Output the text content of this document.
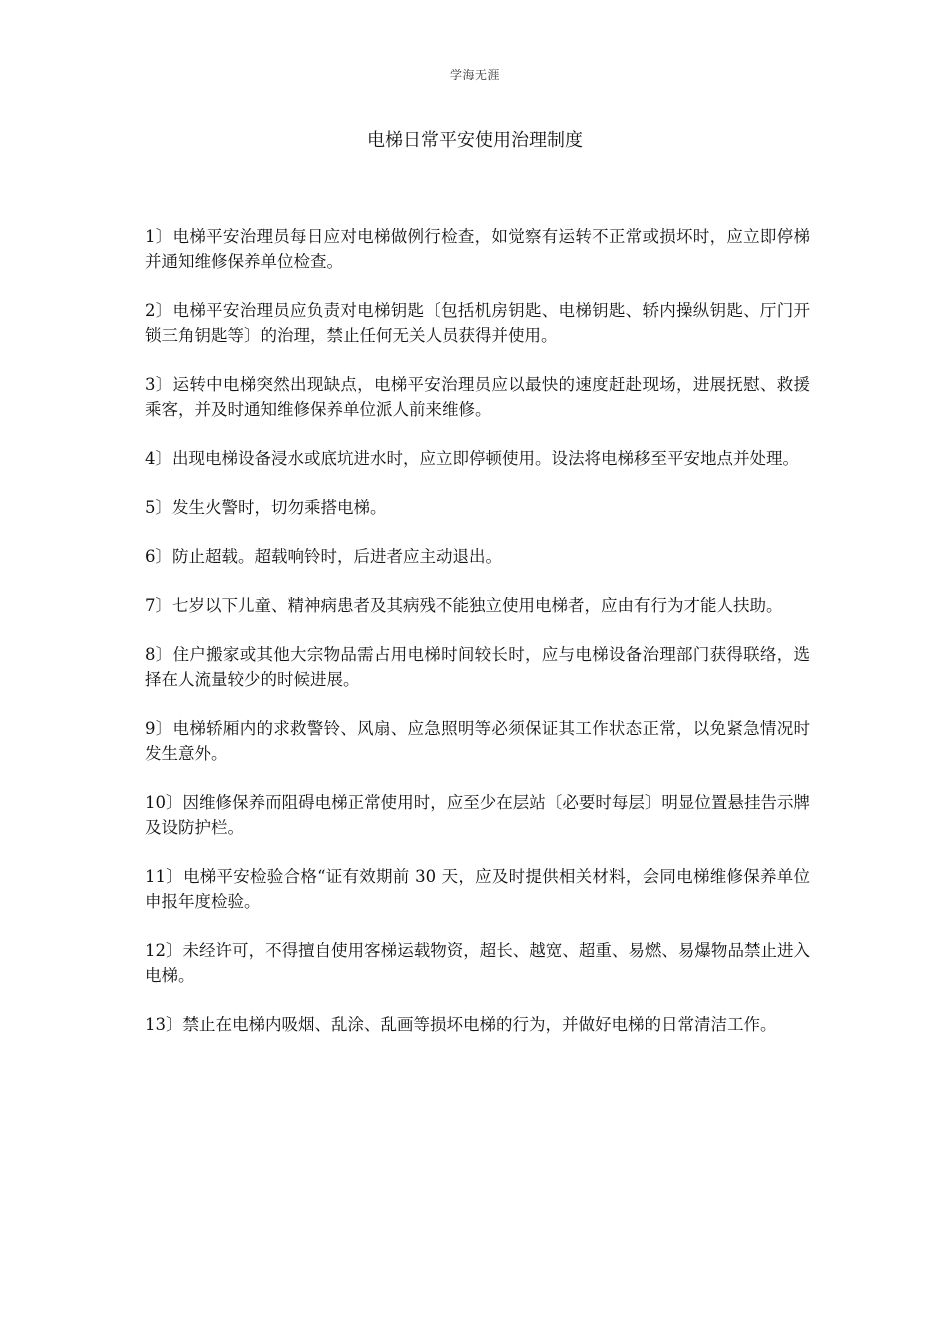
学海无涯
电梯日常平安使用治理制度

1〕电梯平安治理员每日应对电梯做例行检查，如觉察有运转不正常或损坏时，应立即停梯并通知维修保养单位检查。

2〕电梯平安治理员应负责对电梯钥匙〔包括机房钥匙、电梯钥匙、轿内操纵钥匙、厅门开锁三角钥匙等〕的治理，禁止任何无关人员获得并使用。

3〕运转中电梯突然出现缺点，电梯平安治理员应以最快的速度赶赴现场，进展抚慰、救援乘客，并及时通知维修保养单位派人前来维修。

4〕出现电梯设备浸水或底坑进水时，应立即停顿使用。设法将电梯移至平安地点并处理。

5〕发生火警时，切勿乘搭电梯。

6〕防止超载。超载响铃时，后进者应主动退出。

7〕七岁以下儿童、精神病患者及其病残不能独立使用电梯者，应由有行为才能人扶助。

8〕住户搬家或其他大宗物品需占用电梯时间较长时，应与电梯设备治理部门获得联络，选择在人流量较少的时候进展。

9〕电梯轿厢内的求救警铃、风扇、应急照明等必须保证其工作状态正常，以免紧急情况时发生意外。

10〕因维修保养而阻碍电梯正常使用时，应至少在层站〔必要时每层〕明显位置悬挂告示牌及设防护栏。

11〕电梯平安检验合格“证有效期前 30 天，应及时提供相关材料，会同电梯维修保养单位申报年度检验。

12〕未经许可，不得擅自使用客梯运载物资，超长、越宽、超重、易燃、易爆物品禁止进入电梯。

13〕禁止在电梯内吸烟、乱涂、乱画等损坏电梯的行为，并做好电梯的日常清洁工作。
